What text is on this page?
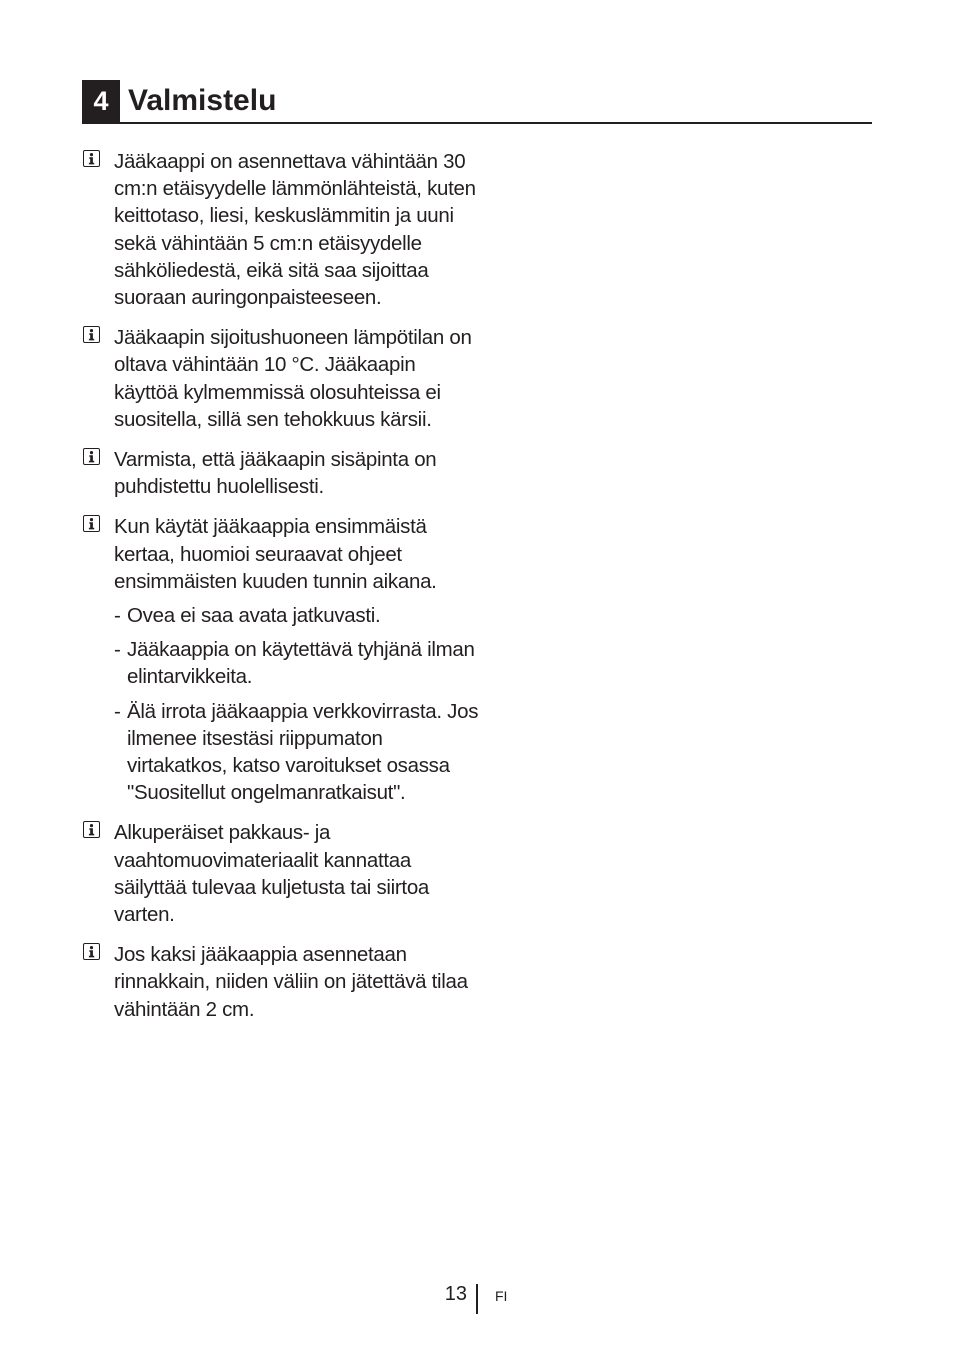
4 Valmistelu

Jääkaappi on asennettava vähintään 30 cm:n etäisyydelle lämmönlähteistä, kuten keittotaso, liesi, keskuslämmitin ja uuni sekä vähintään 5 cm:n etäisyydelle sähköliedestä, eikä sitä saa sijoittaa suoraan auringonpaisteeseen.

Jääkaapin sijoitushuoneen lämpötilan on oltava vähintään 10 °C. Jääkaapin käyttöä kylmemmissä olosuhteissa ei suositella, sillä sen tehokkuus kärsii.

Varmista, että jääkaapin sisäpinta on puhdistettu huolellisesti.

Kun käytät jääkaappia ensimmäistä kertaa, huomioi seuraavat ohjeet ensimmäisten kuuden tunnin aikana.

- Ovea ei saa avata jatkuvasti.
- Jääkaappia on käytettävä tyhjänä ilman elintarvikkeita.
- Älä irrota jääkaappia verkkovirrasta. Jos ilmenee itsestäsi riippumaton virtakatkos, katso varoitukset osassa "Suositellut ongelmanratkaisut".

Alkuperäiset pakkaus- ja vaahtomuovimateriaalit kannattaa säilyttää tulevaa kuljetusta tai siirtoa varten.

Jos kaksi jääkaappia asennetaan rinnakkain, niiden väliin on jätettävä tilaa vähintään 2 cm.

13 FI
